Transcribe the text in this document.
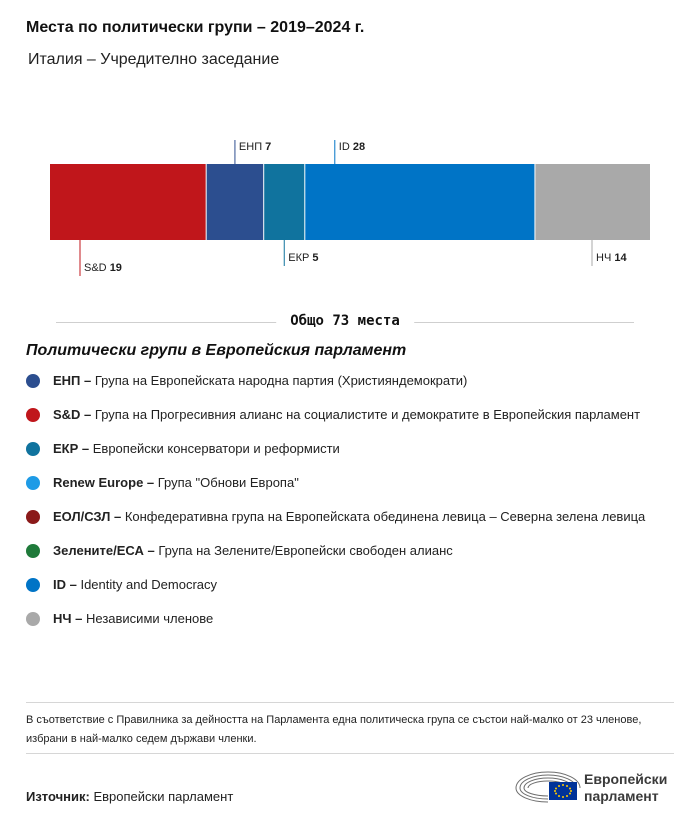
Места по политически групи – 2019–2024 г.
Италия – Учредително заседание
S&D 19
ЕНП 7
ЕКР 5
ID 28
НЧ 14
Общо 73 места
Политически групи в Европейския парламент
ЕНП – Група на Европейската народна партия (Християндемократи)
S&D – Група на Прогресивния алианс на социалистите и демократите в Европейския парламент
ЕКР – Европейски консерватори и реформисти
Renew Europe – Група "Обнови Европа"
ЕОЛ/СЗЛ – Конфедеративна група на Европейската обединена левица – Северна зелена левица
Зелените/ЕСА – Група на Зелените/Европейски свободен алианс
ID – Identity and Democracy
НЧ – Независими членове
В съответствие с Правилника за дейността на Парламента една политическа група се състои най-малко от 23 членове, избрани в най-малко седем държави членки.
Източник: Европейски парламент
Европейски
парламент
